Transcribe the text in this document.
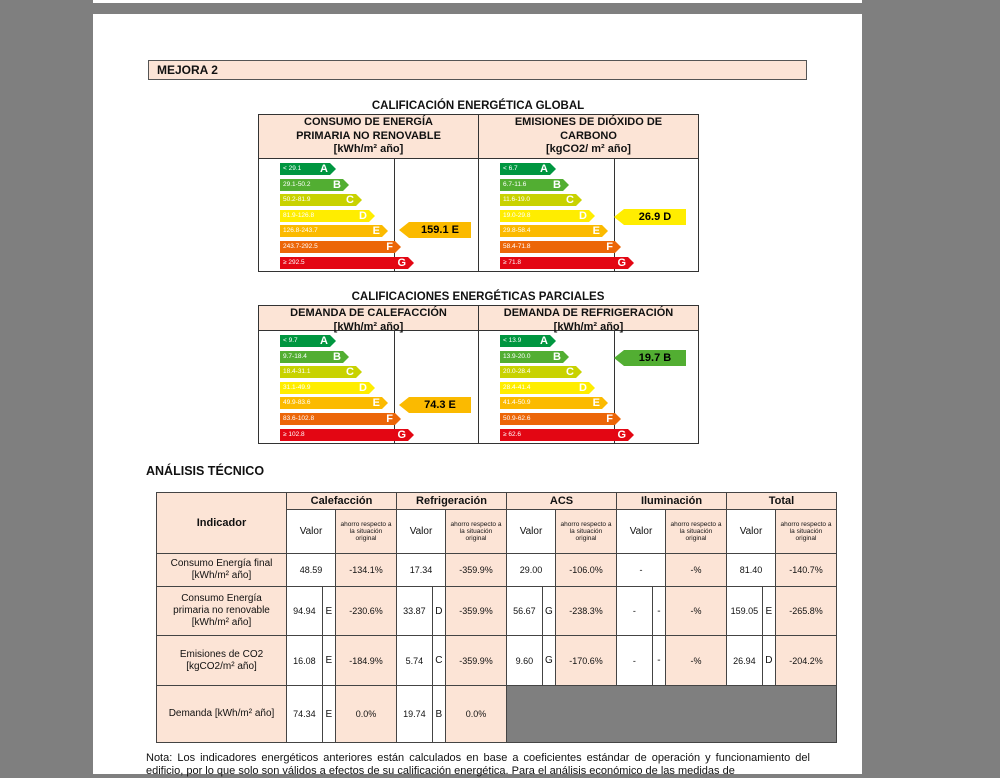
MEJORA 2
CALIFICACIÓN ENERGÉTICA GLOBAL
CONSUMO DE ENERGÍA
PRIMARIA NO RENOVABLE
[kWh/m² año]
< 29.1 A
29.1-50.2 B
50.2-81.9	C
81.9-126.8	D
126.8-243.7	E
243.7-292.5	F
≥ 292.5	G
159.1 E
EMISIONES DE DIÓXIDO DE
CARBONO
[kgCO2/ m² año]
< 6.7 A
6.7-11.6 B
11.6-19.0	C
19.0-29.8	D
29.8-58.4	E
58.4-71.8	F
≥ 71.8	G
26.9 D
CALIFICACIONES ENERGÉTICAS PARCIALES
DEMANDA DE CALEFACCIÓN
[kWh/m² año]
< 9.7 A
9.7-18.4 B
18.4-31.1	C
31.1-49.9	D
49.9-83.6	E
83.6-102.8	F
≥ 102.8	G
74.3 E
DEMANDA DE REFRIGERACIÓN
[kWh/m² año]
< 13.9 A
13.9-20.0 B
20.0-28.4	C
28.4-41.4	D
41.4-50.9	E
50.9-62.6	F
≥ 62.6	G
19.7 B
ANÁLISIS TÉCNICO
Indicador	Calefacción			Refrigeración			ACS			Iluminación			Total		
	Valor		ahorro respecto a la situación original	Valor		ahorro respecto a la situación original	Valor		ahorro respecto a la situación original	Valor		ahorro respecto a la situación original	Valor		ahorro respecto a la situación original
Consumo Energía final [kWh/m² año]	48.59		-134.1%	17.34		-359.9%	29.00		-106.0%	-		-%	81.40		-140.7%
Consumo Energía primaria no renovable [kWh/m² año]	94.94	E	-230.6%	33.87	D	-359.9%	56.67	G	-238.3%	-	-	-%	159.05	E	-265.8%
Emisiones de CO2 [kgCO2/m² año]	16.08	E	-184.9%	5.74	C	-359.9%	9.60	G	-170.6%	-	-	-%	26.94	D	-204.2%
Demanda [kWh/m² año]	74.34	E	0.0%	19.74	B	0.0%									
Nota: Los indicadores energéticos anteriores están calculados en base a coeficientes estándar de operación y funcionamiento del edificio, por lo que solo son válidos a efectos de su calificación energética. Para el análisis económico de las medidas de
